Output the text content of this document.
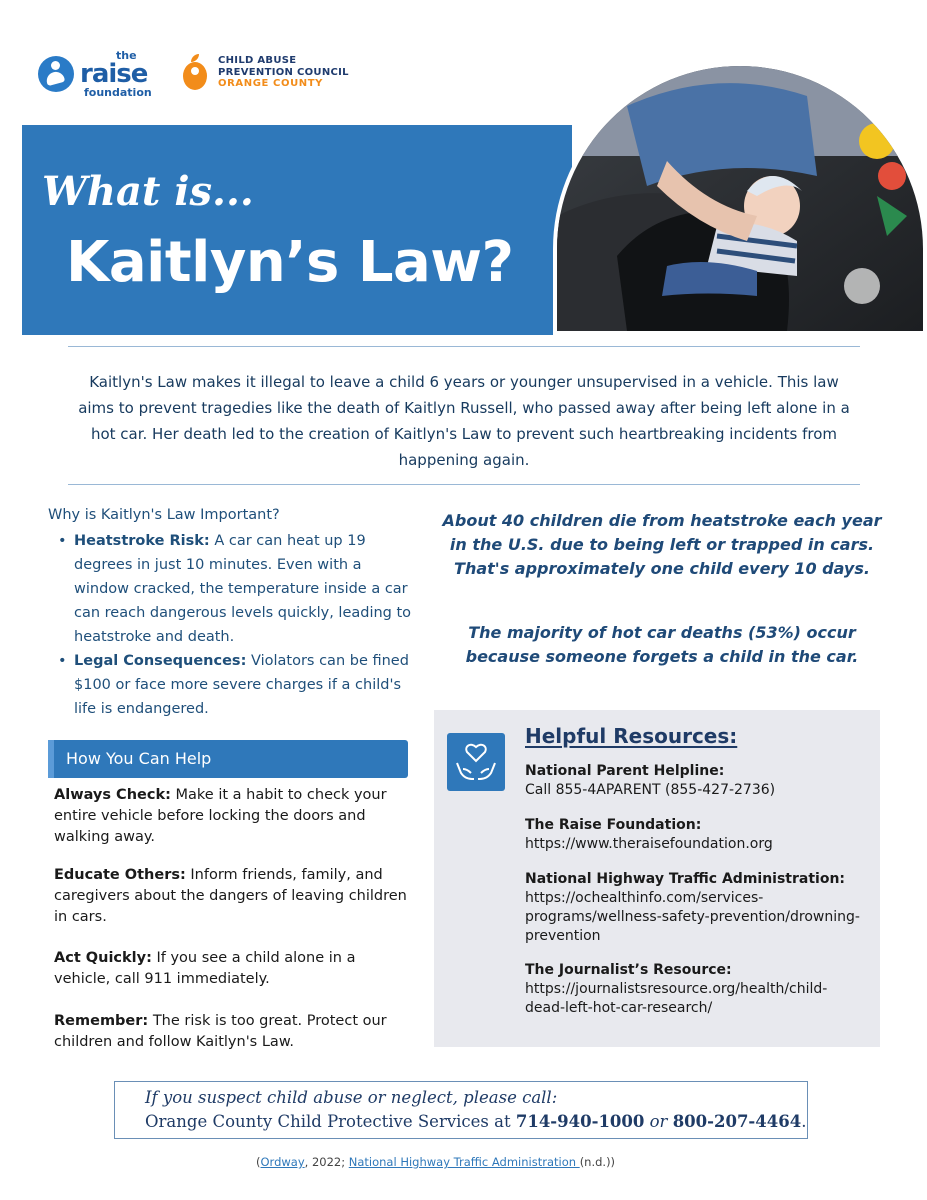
the
raise
foundation
CHILD ABUSE
PREVENTION COUNCIL
ORANGE COUNTY
What is...
Kaitlyn’s Law?

Kaitlyn's Law makes it illegal to leave a child 6 years or younger unsupervised in a vehicle. This law aims to prevent tragedies like the death of Kaitlyn Russell, who passed away after being left alone in a hot car. Her death led to the creation of Kaitlyn's Law to prevent such heartbreaking incidents from happening again.

Why is Kaitlyn's Law Important?
• Heatstroke Risk: A car can heat up 19 degrees in just 10 minutes. Even with a window cracked, the temperature inside a car can reach dangerous levels quickly, leading to heatstroke and death.
• Legal Consequences: Violators can be fined $100 or face more severe charges if a child's life is endangered.

About 40 children die from heatstroke each year in the U.S. due to being left or trapped in cars. That's approximately one child every 10 days.

The majority of hot car deaths (53%) occur because someone forgets a child in the car.

How You Can Help

Always Check: Make it a habit to check your entire vehicle before locking the doors and walking away.

Educate Others: Inform friends, family, and caregivers about the dangers of leaving children in cars.

Act Quickly: If you see a child alone in a vehicle, call 911 immediately.

Remember: The risk is too great. Protect our children and follow Kaitlyn's Law.

Helpful Resources:
National Parent Helpline:
Call 855-4APARENT (855-427-2736)
The Raise Foundation:
https://www.theraisefoundation.org
National Highway Traffic Administration:
https://ochealthinfo.com/services-programs/wellness-safety-prevention/drowning-prevention
The Journalist’s Resource:
https://journalistsresource.org/health/child-dead-left-hot-car-research/
If you suspect child abuse or neglect, please call:
Orange County Child Protective Services at 714-940-1000 or 800-207-4464.
(Ordway, 2022; National Highway Traffic Administration (n.d.))
